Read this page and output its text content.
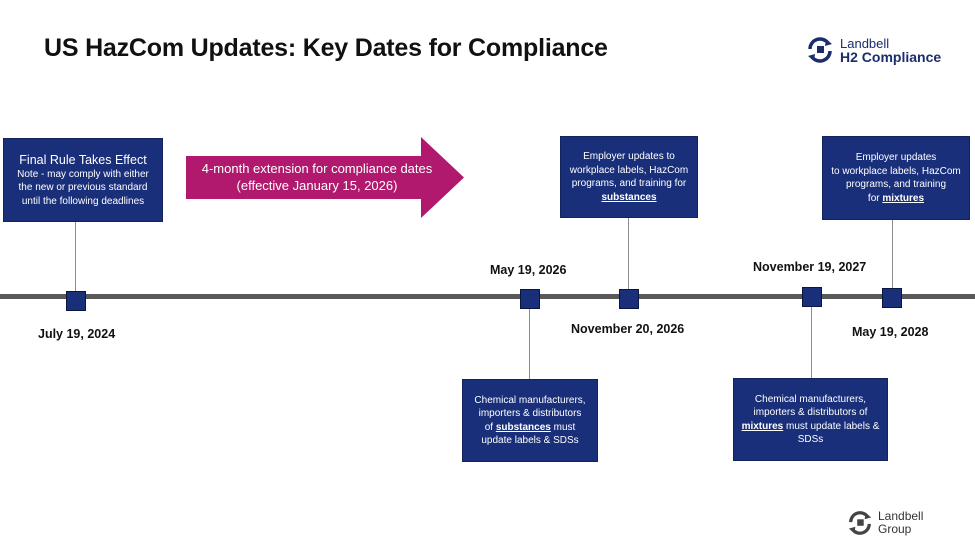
US HazCom Updates: Key Dates for Compliance	Landbell
H2 Compliance
Final Rule Takes Effect
Note - may comply with either
the new or previous standard
until the following deadlines
4-month extension for compliance dates
(effective January 15, 2026)
Employer updates to
workplace labels, HazCom
programs, and training for
substances
Employer updates
to workplace labels, HazCom
programs, and training
for mixtures
July 19, 2024
May 19, 2026
November 20, 2026
November 19, 2027
May 19, 2028
Chemical manufacturers,
importers & distributors
of substances must
update labels & SDSs
Chemical manufacturers,
importers & distributors of
mixtures must update labels &
SDSs
Landbell
Group
